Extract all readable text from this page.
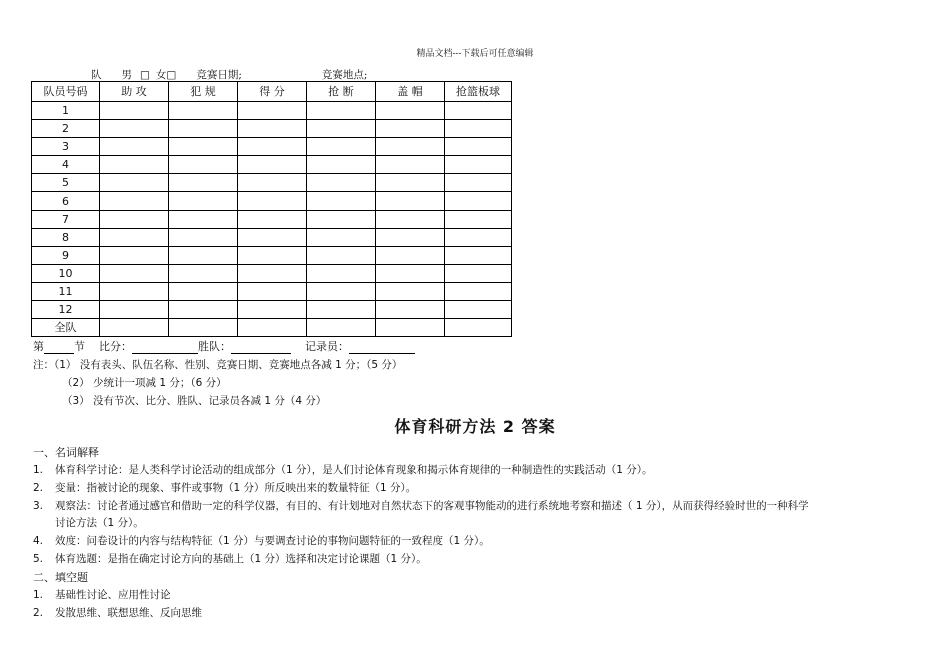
精品文档---下载后可任意编辑
队 男 □ 女□ 竞赛日期;	竞赛地点;
队员号码	助 攻	犯 规	得 分	抢 断	盖 帽	抢篮板球
1						
2						
3						
4						
5						
6						
7						
8						
9						
10						
11						
12						
全队						
第	节 比分：	胜队：	记录员：
注：（1） 没有表头、队伍名称、性别、竞赛日期、竞赛地点各减 1 分；（5 分）
（2） 少统计一项减 1 分；（6 分）
（3） 没有节次、比分、胜队、记录员各减 1 分（4 分）
体育科研方法 2 答案
一、名词解释
1. 体育科学讨论：是人类科学讨论活动的组成部分（1 分），是人们讨论体育现象和揭示体育规律的一种制造性的实践活动（1 分）。
2. 变量：指被讨论的现象、事件或事物（1 分）所反映出来的数量特征（1 分）。
3. 观察法：讨论者通过感官和借助一定的科学仪器，有目的、有计划地对自然状态下的客观事物能动的进行系统地考察和描述（ 1 分），从而获得经验时世的一种科学
讨论方法（1 分）。
4. 效度：问卷设计的内容与结构特征（1 分）与要调查讨论的事物问题特征的一致程度（1 分）。
5. 体育选题：是指在确定讨论方向的基础上（1 分）选择和决定讨论课题（1 分）。
二、填空题
1. 基础性讨论、应用性讨论
2. 发散思维、联想思维、反向思维
